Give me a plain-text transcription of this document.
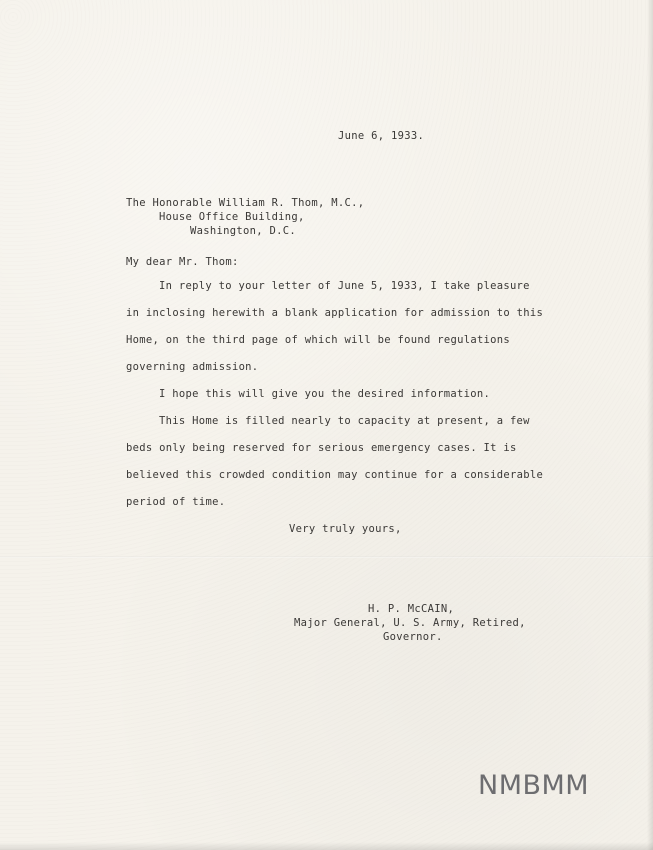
June 6, 1933.
The Honorable William R. Thom, M.C.,
House Office Building,
Washington, D.C.
My dear Mr. Thom:
In reply to your letter of June 5, 1933, I take pleasure
in inclosing herewith a blank application for admission to this
Home, on the third page of which will be found regulations
governing admission.
I hope this will give you the desired information.
This Home is filled nearly to capacity at present, a few
beds only being reserved for serious emergency cases. It is
believed this crowded condition may continue for a considerable
period of time.
Very truly yours,
H. P. McCAIN,
Major General, U. S. Army, Retired,
Governor.
NMBMM
